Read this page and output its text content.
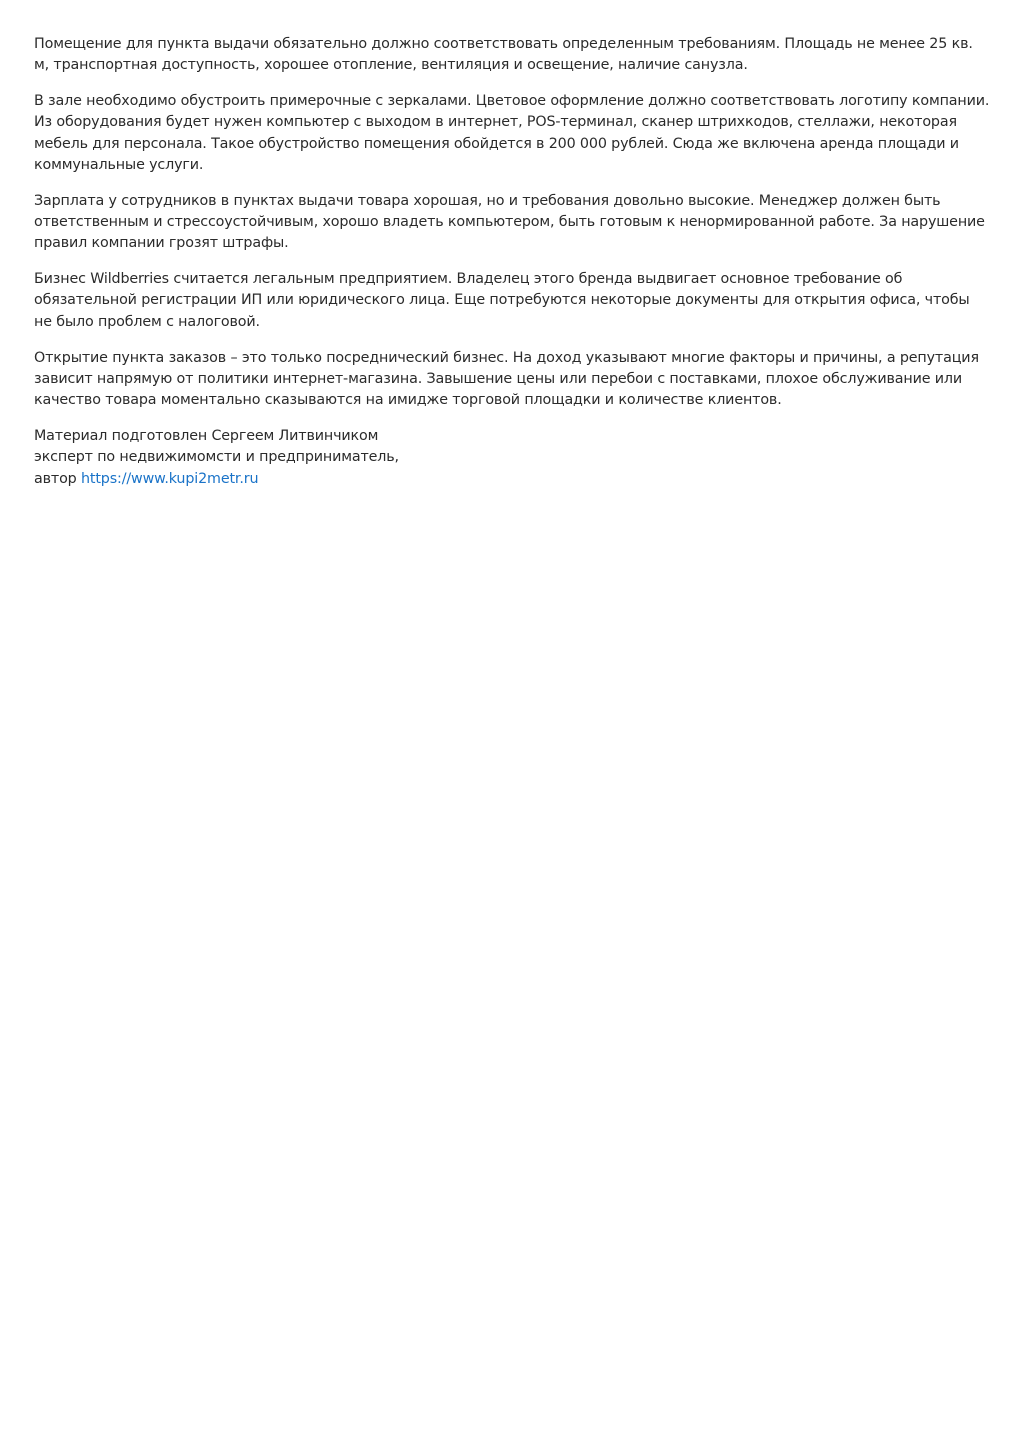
Помещение для пункта выдачи обязательно должно соответствовать определенным требованиям. Площадь не менее 25 кв. м, транспортная доступность, хорошее отопление, вентиляция и освещение, наличие санузла.

В зале необходимо обустроить примерочные с зеркалами. Цветовое оформление должно соответствовать логотипу компании. Из оборудования будет нужен компьютер с выходом в интернет, POS-терминал, сканер штрихкодов, стеллажи, некоторая мебель для персонала. Такое обустройство помещения обойдется в 200 000 рублей. Сюда же включена аренда площади и коммунальные услуги.

Зарплата у сотрудников в пунктах выдачи товара хорошая, но и требования довольно высокие. Менеджер должен быть ответственным и стрессоустойчивым, хорошо владеть компьютером, быть готовым к ненормированной работе. За нарушение правил компании грозят штрафы.

Бизнес Wildberries считается легальным предприятием. Владелец этого бренда выдвигает основное требование об обязательной регистрации ИП или юридического лица. Еще потребуются некоторые документы для открытия офиса, чтобы не было проблем с налоговой.

Открытие пункта заказов – это только посреднический бизнес. На доход указывают многие факторы и причины, а репутация зависит напрямую от политики интернет-магазина. Завышение цены или перебои с поставками, плохое обслуживание или качество товара моментально сказываются на имидже торговой площадки и количестве клиентов.

Материал подготовлен Сергеем Литвинчиком
эксперт по недвижимомсти и предприниматель,
автор https://www.kupi2metr.ru
